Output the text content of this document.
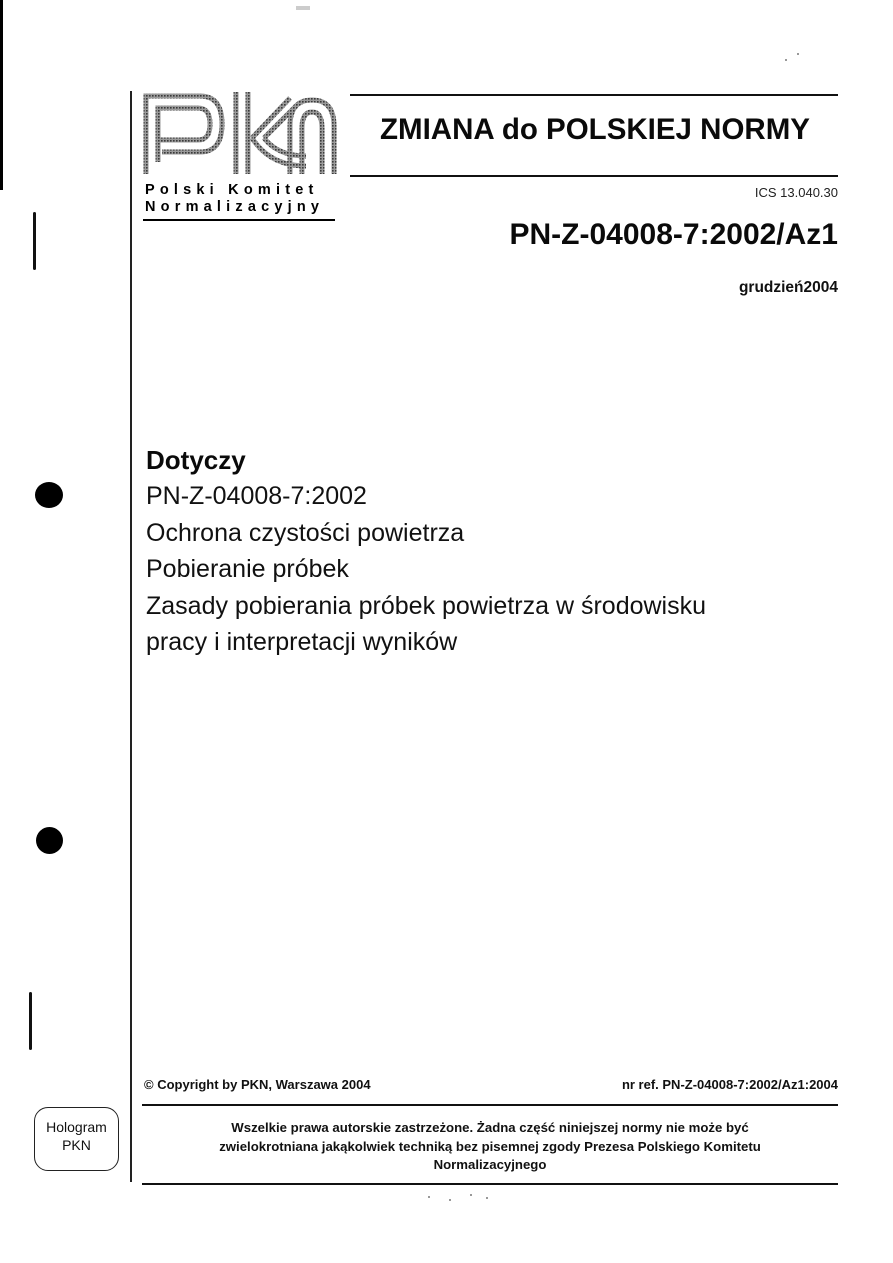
Polski Komitet
Normalizacyjny
ZMIANA do POLSKIEJ NORMY
ICS 13.040.30
PN-Z-04008-7:2002/Az1
grudzień2004
Dotyczy
PN-Z-04008-7:2002
Ochrona czystości powietrza
Pobieranie próbek
Zasady pobierania próbek powietrza w środowisku
pracy i interpretacji wyników
© Copyright by PKN, Warszawa 2004	nr ref. PN-Z-04008-7:2002/Az1:2004
Wszelkie prawa autorskie zastrzeżone. Żadna część niniejszej normy nie może być
zwielokrotniana jakąkolwiek techniką bez pisemnej zgody Prezesa Polskiego Komitetu
Normalizacyjnego
Hologram
PKN
